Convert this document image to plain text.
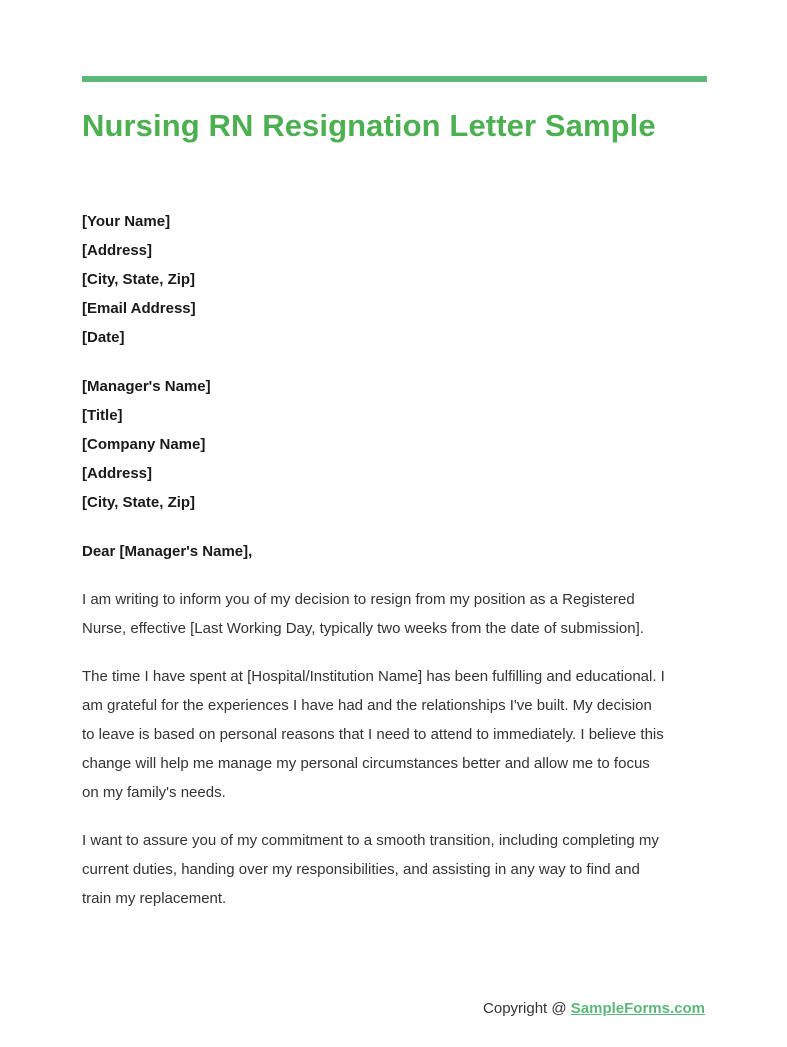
Nursing RN Resignation Letter Sample
[Your Name]
[Address]
[City, State, Zip]
[Email Address]
[Date]
[Manager's Name]
[Title]
[Company Name]
[Address]
[City, State, Zip]
Dear [Manager's Name],
I am writing to inform you of my decision to resign from my position as a Registered
Nurse, effective [Last Working Day, typically two weeks from the date of submission].
The time I have spent at [Hospital/Institution Name] has been fulfilling and educational. I
am grateful for the experiences I have had and the relationships I've built. My decision
to leave is based on personal reasons that I need to attend to immediately. I believe this
change will help me manage my personal circumstances better and allow me to focus
on my family's needs.
I want to assure you of my commitment to a smooth transition, including completing my
current duties, handing over my responsibilities, and assisting in any way to find and
train my replacement.
Copyright @ SampleForms.com
